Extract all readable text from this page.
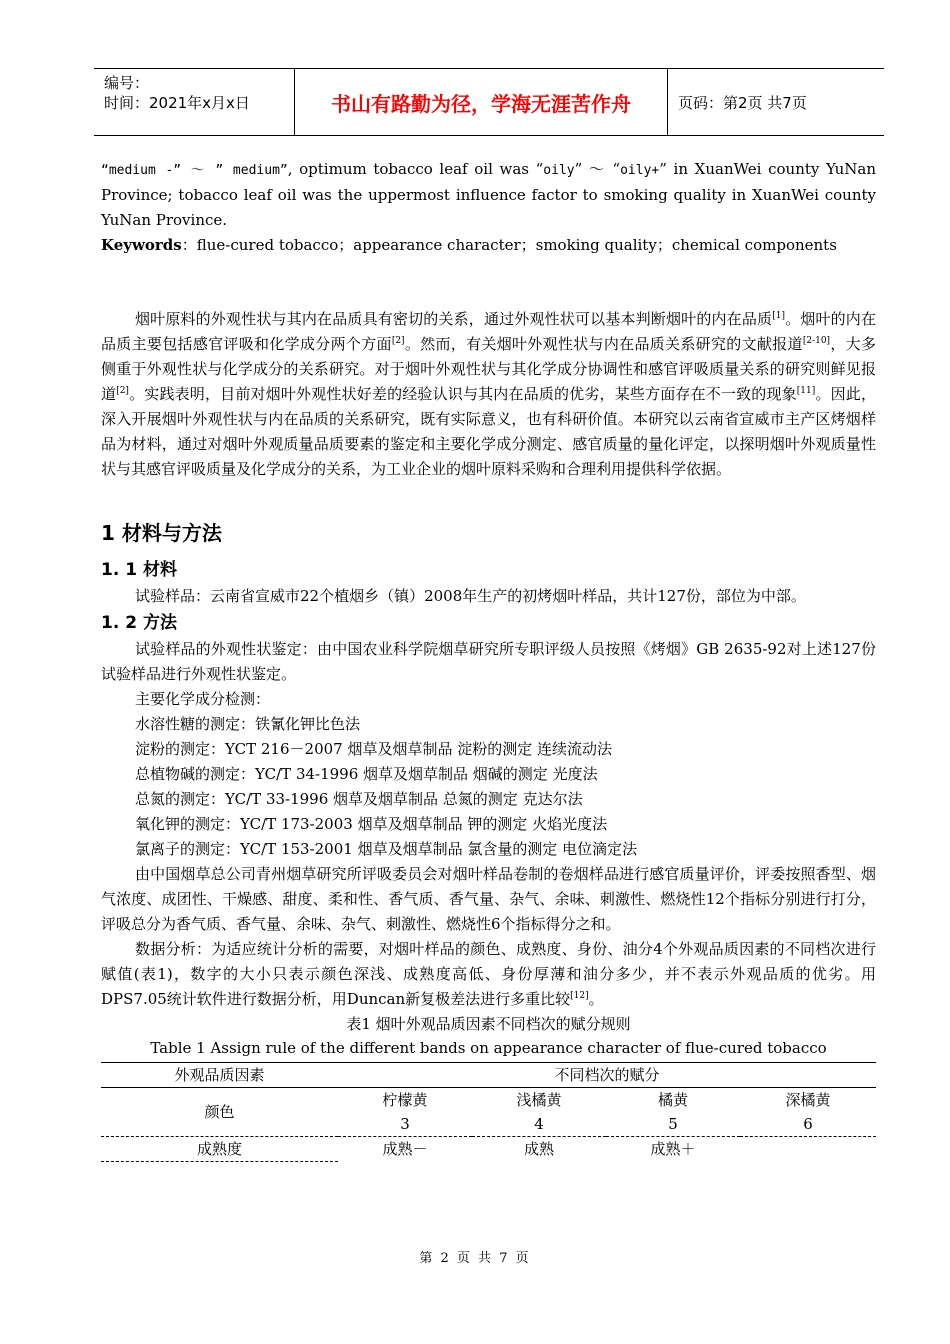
编号：
时间：2021年x月x日	书山有路勤为径，学海无涯苦作舟	页码：第2页 共7页

“medium -” ～ ” medium”, optimum tobacco leaf oil was “oily” ～ “oily+” in XuanWei county YuNan Province; tobacco leaf oil was the uppermost influence factor to smoking quality in XuanWei county YuNan Province.

Keywords：flue-cured tobacco；appearance character；smoking quality；chemical components

烟叶原料的外观性状与其内在品质具有密切的关系，通过外观性状可以基本判断烟叶的内在品质[1]。烟叶的内在品质主要包括感官评吸和化学成分两个方面[2]。然而，有关烟叶外观性状与内在品质关系研究的文献报道[2-10]，大多侧重于外观性状与化学成分的关系研究。对于烟叶外观性状与其化学成分协调性和感官评吸质量关系的研究则鲜见报道[2]。实践表明，目前对烟叶外观性状好差的经验认识与其内在品质的优劣，某些方面存在不一致的现象[11]。因此，深入开展烟叶外观性状与内在品质的关系研究，既有实际意义，也有科研价值。本研究以云南省宣威市主产区烤烟样品为材料，通过对烟叶外观质量品质要素的鉴定和主要化学成分测定、感官质量的量化评定，以探明烟叶外观质量性状与其感官评吸质量及化学成分的关系，为工业企业的烟叶原料采购和合理利用提供科学依据。

1 材料与方法

1. 1 材料

试验样品：云南省宣威市22个植烟乡（镇）2008年生产的初烤烟叶样品，共计127份，部位为中部。

1. 2 方法

试验样品的外观性状鉴定：由中国农业科学院烟草研究所专职评级人员按照《烤烟》GB 2635-92对上述127份试验样品进行外观性状鉴定。

主要化学成分检测：

水溶性糖的测定：铁氰化钾比色法

淀粉的测定：YCT 216－2007 烟草及烟草制品 淀粉的测定 连续流动法

总植物碱的测定：YC/T 34-1996 烟草及烟草制品 烟碱的测定 光度法

总氮的测定：YC/T 33-1996 烟草及烟草制品 总氮的测定 克达尔法

氧化钾的测定：YC/T 173-2003 烟草及烟草制品 钾的测定 火焰光度法

氯离子的测定：YC/T 153-2001 烟草及烟草制品 氯含量的测定 电位滴定法

由中国烟草总公司青州烟草研究所评吸委员会对烟叶样品卷制的卷烟样品进行感官质量评价，评委按照香型、烟气浓度、成团性、干燥感、甜度、柔和性、香气质、香气量、杂气、余味、刺激性、燃烧性12个指标分别进行打分，评吸总分为香气质、香气量、余味、杂气、刺激性、燃烧性6个指标得分之和。

数据分析：为适应统计分析的需要，对烟叶样品的颜色、成熟度、身份、油分4个外观品质因素的不同档次进行赋值(表1)，数字的大小只表示颜色深浅、成熟度高低、身份厚薄和油分多少，并不表示外观品质的优劣。用DPS7.05统计软件进行数据分析，用Duncan新复极差法进行多重比较[12]。

表1 烟叶外观品质因素不同档次的赋分规则

Table 1 Assign rule of the different bands on appearance character of flue-cured tobacco

外观品质因素	不同档次的赋分			
颜色	柠檬黄	浅橘黄	橘黄	深橘黄
	3	4	5	6
成熟度	成熟－	成熟	成熟＋	
第 2 页 共 7 页
